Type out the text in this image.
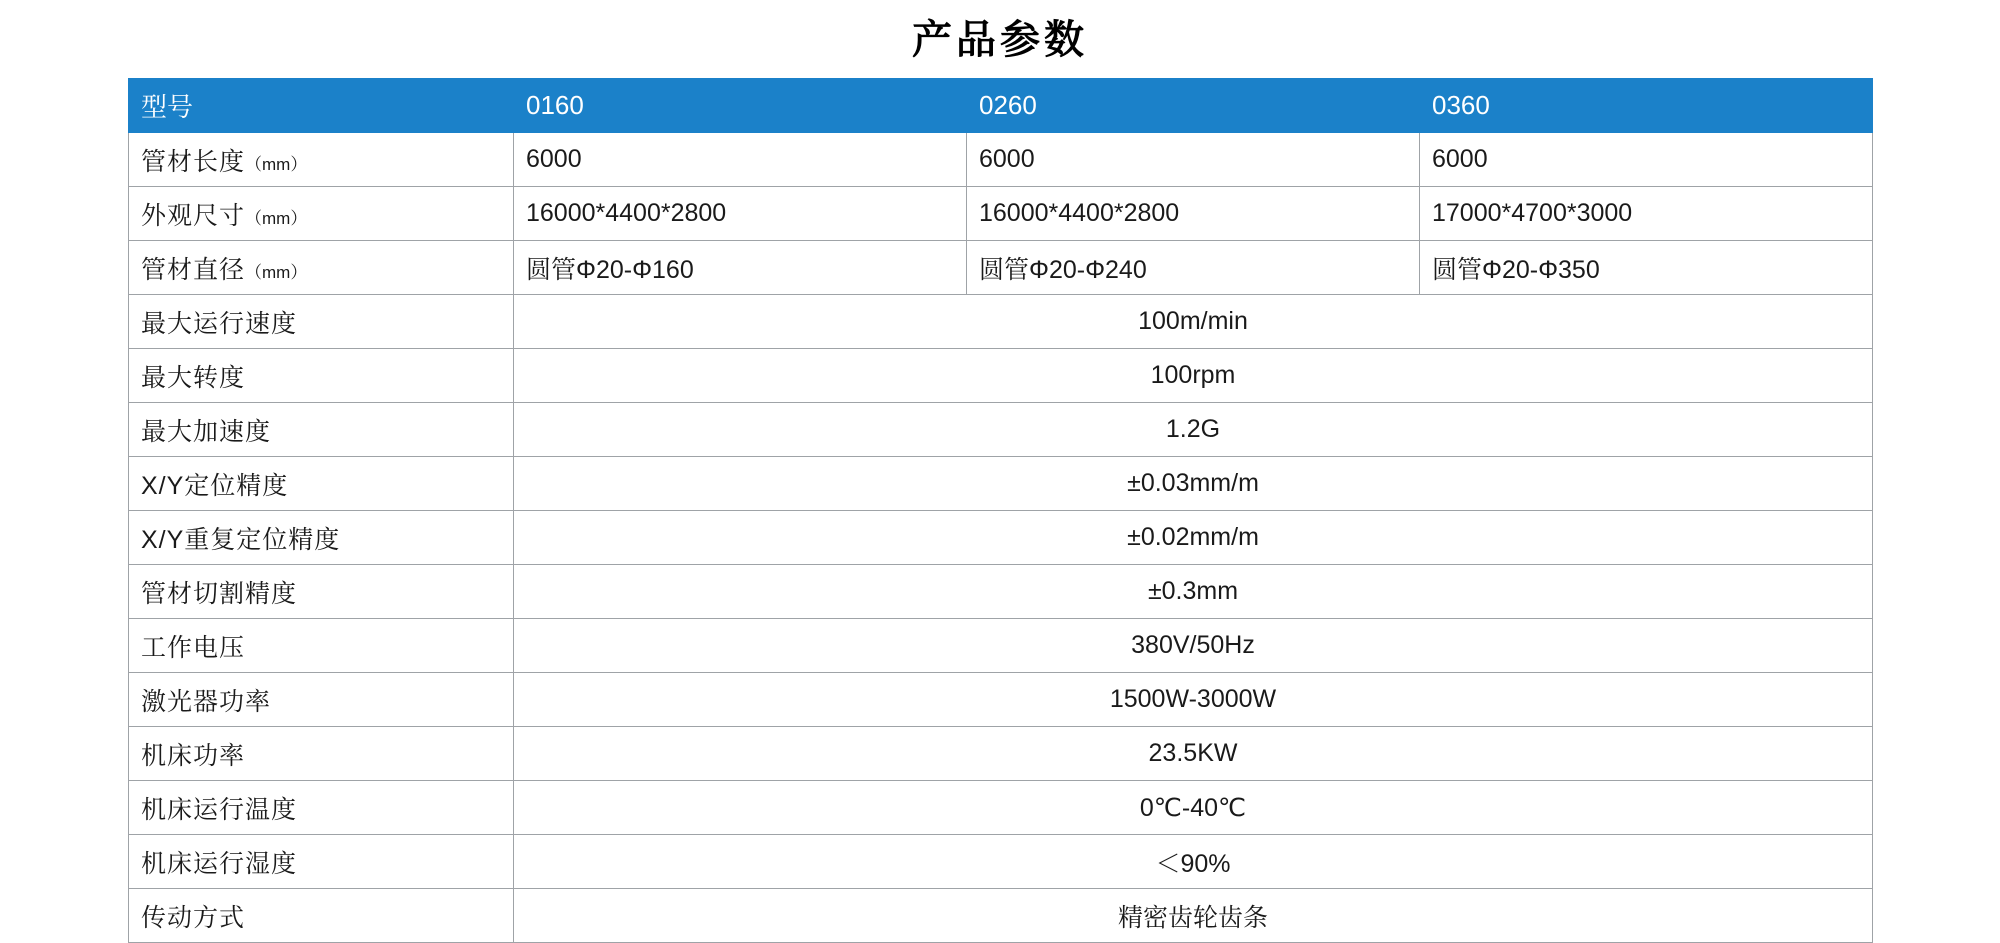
产品参数
型号	0160	0260	0360
管材长度（mm）	6000	6000	6000
外观尺寸（mm）	16000*4400*2800	16000*4400*2800	17000*4700*3000
管材直径（mm）	圆管Φ20-Φ160	圆管Φ20-Φ240	圆管Φ20-Φ350
最大运行速度	100m/min		
最大转度	100rpm		
最大加速度	1.2G		
X/Y定位精度	±0.03mm/m		
X/Y重复定位精度	±0.02mm/m		
管材切割精度	±0.3mm		
工作电压	380V/50Hz		
激光器功率	1500W-3000W		
机床功率	23.5KW		
机床运行温度	0℃-40℃		
机床运行湿度	＜90%		
传动方式	精密齿轮齿条		
